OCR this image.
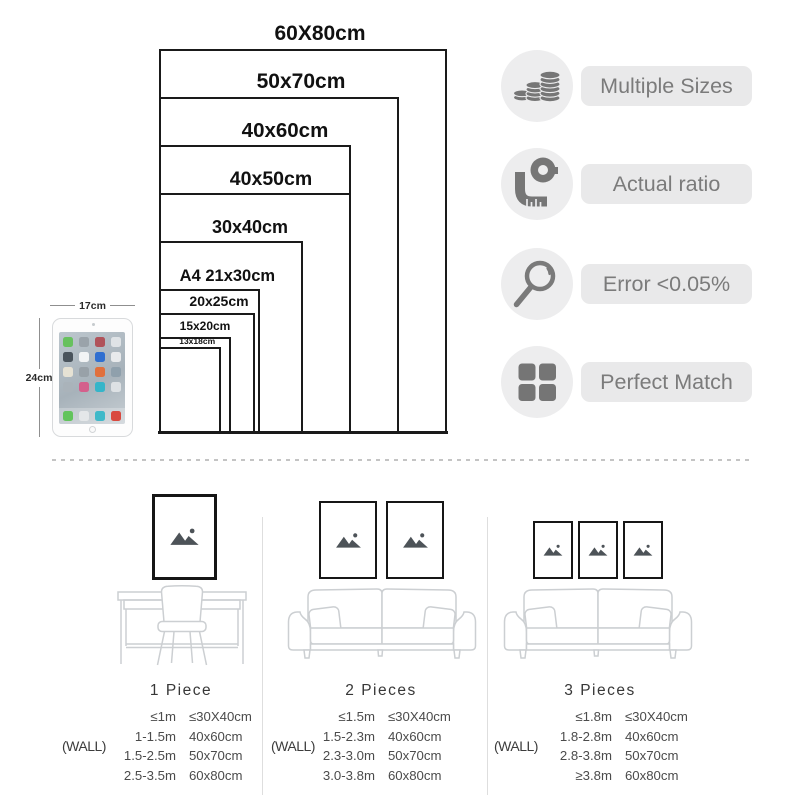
60X80cm
50x70cm
40x60cm
40x50cm
30x40cm
A4 21x30cm
20x25cm
15x20cm
13x18cm
17cm
24cm
Multiple Sizes
Actual ratio
Error <0.05%
Perfect Match
1 Piece
(WALL)
≤1m ≤30X40cm
1-1.5m 40x60cm
1.5-2.5m 50x70cm
2.5-3.5m 60x80cm
2 Pieces
(WALL)
≤1.5m ≤30X40cm
1.5-2.3m 40x60cm
2.3-3.0m 50x70cm
3.0-3.8m 60x80cm
3 Pieces
(WALL)
≤1.8m ≤30X40cm
1.8-2.8m 40x60cm
2.8-3.8m 50x70cm
≥3.8m 60x80cm
